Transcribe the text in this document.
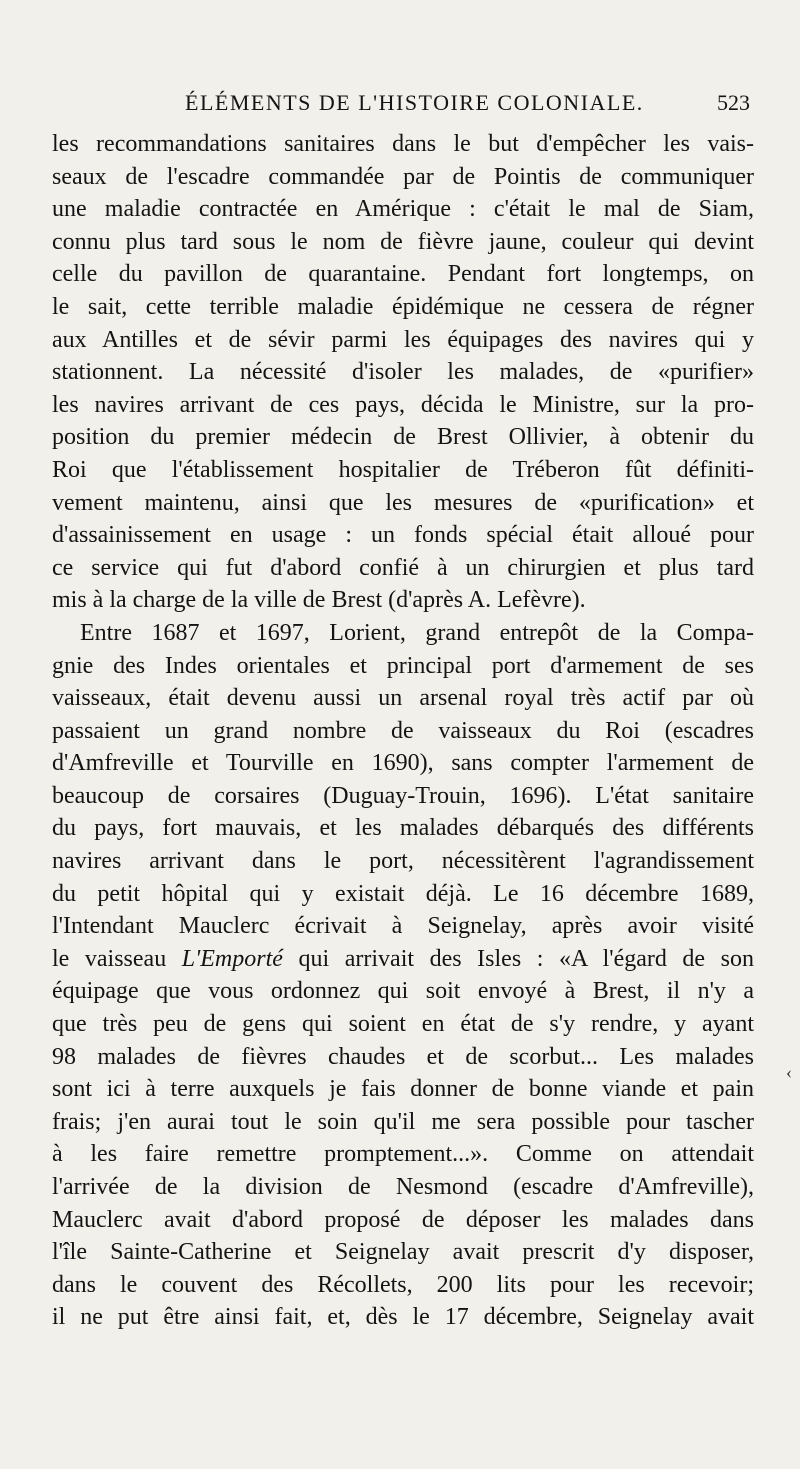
ÉLÉMENTS DE L'HISTOIRE COLONIALE.	523
les recommandations sanitaires dans le but d'empêcher les vais-
seaux de l'escadre commandée par de Pointis de communiquer
une maladie contractée en Amérique : c'était le mal de Siam,
connu plus tard sous le nom de fièvre jaune, couleur qui devint
celle du pavillon de quarantaine. Pendant fort longtemps, on
le sait, cette terrible maladie épidémique ne cessera de régner
aux Antilles et de sévir parmi les équipages des navires qui y
stationnent. La nécessité d'isoler les malades, de «purifier»
les navires arrivant de ces pays, décida le Ministre, sur la pro-
position du premier médecin de Brest Ollivier, à obtenir du
Roi que l'établissement hospitalier de Tréberon fût définiti-
vement maintenu, ainsi que les mesures de «purification» et
d'assainissement en usage : un fonds spécial était alloué pour
ce service qui fut d'abord confié à un chirurgien et plus tard
mis à la charge de la ville de Brest (d'après A. Lefèvre).
Entre 1687 et 1697, Lorient, grand entrepôt de la Compa-
gnie des Indes orientales et principal port d'armement de ses
vaisseaux, était devenu aussi un arsenal royal très actif par où
passaient un grand nombre de vaisseaux du Roi (escadres
d'Amfreville et Tourville en 1690), sans compter l'armement de
beaucoup de corsaires (Duguay-Trouin, 1696). L'état sanitaire
du pays, fort mauvais, et les malades débarqués des différents
navires arrivant dans le port, nécessitèrent l'agrandissement
du petit hôpital qui y existait déjà. Le 16 décembre 1689,
l'Intendant Mauclerc écrivait à Seignelay, après avoir visité
le vaisseau L'Emporté qui arrivait des Isles : «A l'égard de son
équipage que vous ordonnez qui soit envoyé à Brest, il n'y a
que très peu de gens qui soient en état de s'y rendre, y ayant
98 malades de fièvres chaudes et de scorbut... Les malades
sont ici à terre auxquels je fais donner de bonne viande et pain
frais; j'en aurai tout le soin qu'il me sera possible pour tascher
à les faire remettre promptement...». Comme on attendait
l'arrivée de la division de Nesmond (escadre d'Amfreville),
Mauclerc avait d'abord proposé de déposer les malades dans
l'île Sainte-Catherine et Seignelay avait prescrit d'y disposer,
dans le couvent des Récollets, 200 lits pour les recevoir;
il ne put être ainsi fait, et, dès le 17 décembre, Seignelay avait
‹
